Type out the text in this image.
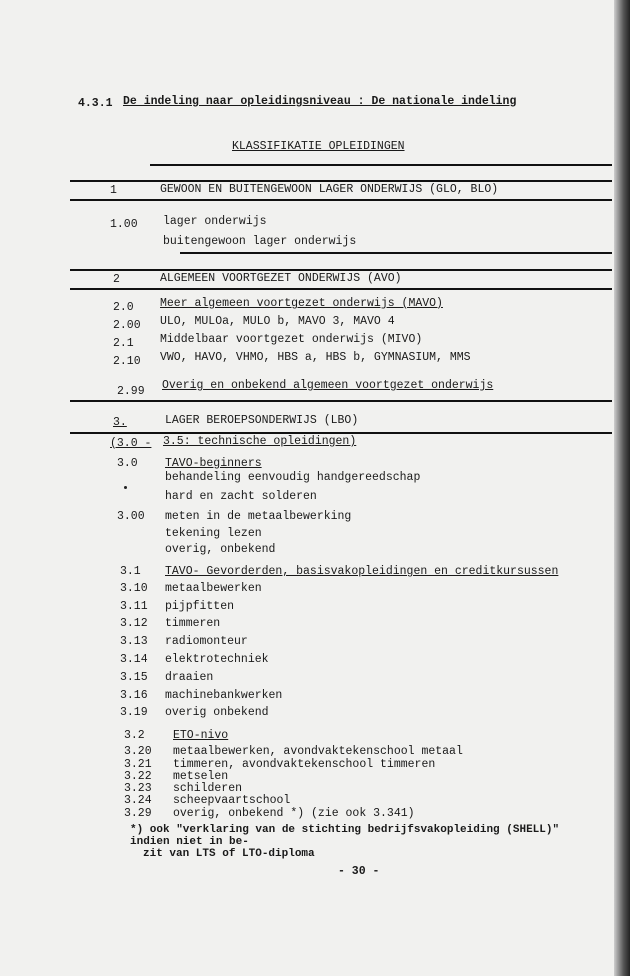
4.3.1 De indeling naar opleidingsniveau : De nationale indeling
KLASSIFIKATIE OPLEIDINGEN
1	GEWOON EN BUITENGEWOON LAGER ONDERWIJS (GLO, BLO)
1.00 lager onderwijs
buitengewoon lager onderwijs
2	ALGEMEEN VOORTGEZET ONDERWIJS (AVO)
2.0 Meer algemeen voortgezet onderwijs (MAVO)
2.00 ULO, MULOa, MULO b, MAVO 3, MAVO 4
2.1 Middelbaar voortgezet onderwijs (MIVO)
2.10 VWO, HAVO, VHMO, HBS a, HBS b, GYMNASIUM, MMS
2.99 Overig en onbekend algemeen voortgezet onderwijs
3.	LAGER BEROEPSONDERWIJS (LBO)
(3.0 - 3.5: technische opleidingen)
3.0 TAVO-beginners
behandeling eenvoudig handgereedschap
hard en zacht solderen
3.00 meten in de metaalbewerking
tekening lezen
overig, onbekend
3.1 TAVO- Gevorderden, basisvakopleidingen en creditkursussen
3.10 metaalbewerken
3.11 pijpfitten
3.12 timmeren
3.13 radiomonteur
3.14 elektrotechniek
3.15 draaien
3.16 machinebankwerken
3.19 overig onbekend
3.2 ETO-nivo
3.20 metaalbewerken, avondvaktekenschool metaal
3.21 timmeren, avondvaktekenschool timmeren
3.22 metselen
3.23 schilderen
3.24 scheepvaartschool
3.29 overig, onbekend *) (zie ook 3.341)
*) ook "verklaring van de stichting bedrijfsvakopleiding (SHELL)" indien niet in be-
zit van LTS of LTO-diploma
- 30 -
